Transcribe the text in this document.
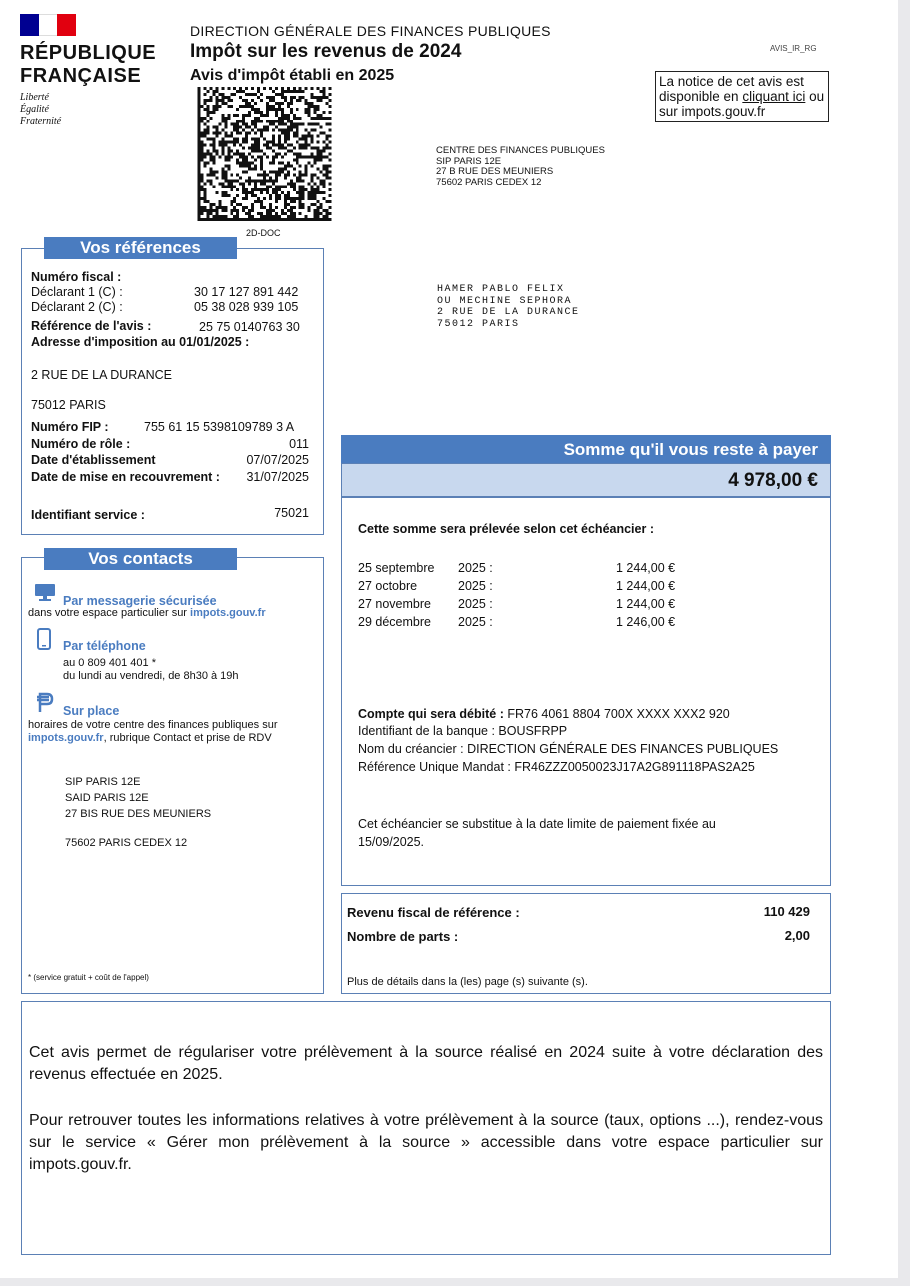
RÉPUBLIQUE
FRANÇAISE
Liberté
Égalité
Fraternité
DIRECTION GÉNÉRALE DES FINANCES PUBLIQUES
Impôt sur les revenus de 2024
Avis d'impôt établi en 2025
AVIS_IR_RG
La notice de cet avis est disponible en cliquant ici ou sur impots.gouv.fr
2D-DOC
CENTRE DES FINANCES PUBLIQUES
SIP PARIS 12E
27 B RUE DES MEUNIERS
75602 PARIS CEDEX 12
HAMER PABLO FELIX
OU MECHINE SEPHORA
2 RUE DE LA DURANCE
75012 PARIS
Vos références
Numéro fiscal :
Déclarant 1 (C) :	30 17 127 891 442
Déclarant 2 (C) :	05 38 028 939 105
Référence de l'avis :	25 75 0140763 30
Adresse d'imposition au 01/01/2025 :
2 RUE DE LA DURANCE
75012 PARIS
Numéro FIP :	755 61 15 5398109789 3 A
Numéro de rôle :	011
Date d'établissement	07/07/2025
Date de mise en recouvrement : 31/07/2025
Identifiant service :	75021
Vos contacts
Par messagerie sécurisée
dans votre espace particulier sur impots.gouv.fr
Par téléphone
au 0 809 401 401 *
du lundi au vendredi, de 8h30 à 19h
Sur place
horaires de votre centre des finances publiques sur
impots.gouv.fr, rubrique Contact et prise de RDV
SIP PARIS 12E
SAID PARIS 12E
27 BIS RUE DES MEUNIERS
75602 PARIS CEDEX 12
* (service gratuit + coût de l'appel)
Somme qu'il vous reste à payer
4 978,00 €
Cette somme sera prélevée selon cet échéancier :
25 septembre 2025 :	1 244,00 €
27 octobre	2025 :	1 244,00 €
27 novembre 2025 :	1 244,00 €
29 décembre 2025 :	1 246,00 €
Compte qui sera débité : FR76 4061 8804 700X XXXX XXX2 920
Identifiant de la banque : BOUSFRPP
Nom du créancier : DIRECTION GÉNÉRALE DES FINANCES PUBLIQUES
Référence Unique Mandat : FR46ZZZ0050023J17A2G891118PAS2A25
Cet échéancier se substitue à la date limite de paiement fixée au
15/09/2025.
Revenu fiscal de référence :	110 429
Nombre de parts :	2,00
Plus de détails dans la (les) page (s) suivante (s).
Cet avis permet de régulariser votre prélèvement à la source réalisé en 2024 suite à votre déclaration des revenus effectuée en 2025.
Pour retrouver toutes les informations relatives à votre prélèvement à la source (taux, options ...), rendez-vous sur le service « Gérer mon prélèvement à la source » accessible dans votre espace particulier sur impots.gouv.fr.
